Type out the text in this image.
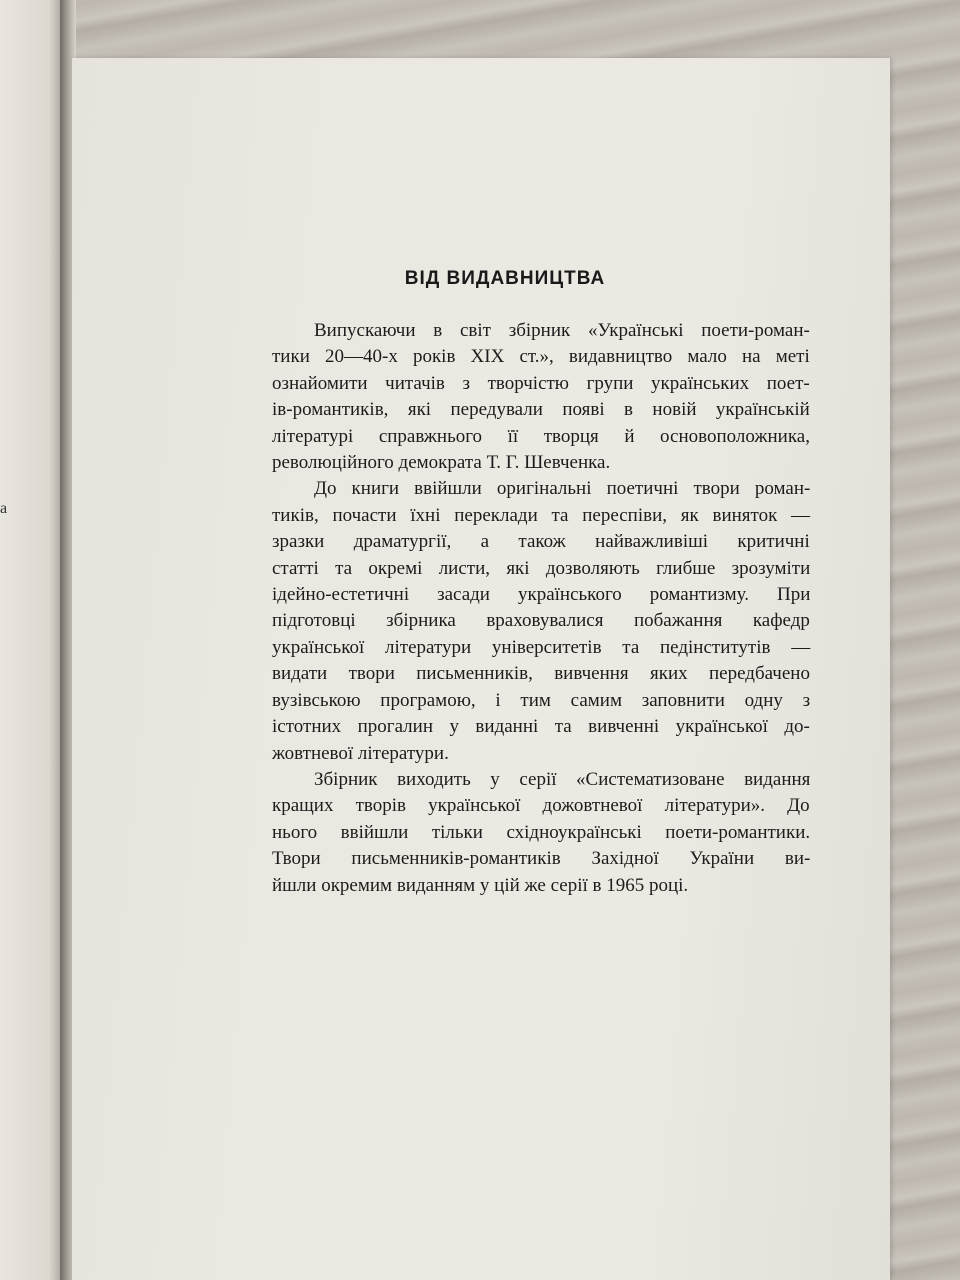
а
ВІД ВИДАВНИЦТВА

Випускаючи в світ збірник «Українські поети-роман-
тики 20—40-х років XIX ст.», видавництво мало на меті
ознайомити читачів з творчістю групи українських поет-
ів-романтиків, які передували появі в новій українській
літературі справжнього її творця й основоположника,
революційного демократа Т. Г. Шевченка.

До книги ввійшли оригінальні поетичні твори роман-
тиків, почасти їхні переклади та переспіви, як виняток —
зразки драматургії, а також найважливіші критичні
статті та окремі листи, які дозволяють глибше зрозуміти
ідейно-естетичні засади українського романтизму. При
підготовці збірника враховувалися побажання кафедр
української літератури університетів та педінститутів —
видати твори письменників, вивчення яких передбачено
вузівською програмою, і тим самим заповнити одну з
істотних прогалин у виданні та вивченні української до-
жовтневої літератури.

Збірник виходить у серії «Систематизоване видання
кращих творів української дожовтневої літератури». До
нього ввійшли тільки східноукраїнські поети-романтики.
Твори письменників-романтиків Західної України ви-
йшли окремим виданням у цій же серії в 1965 році.
